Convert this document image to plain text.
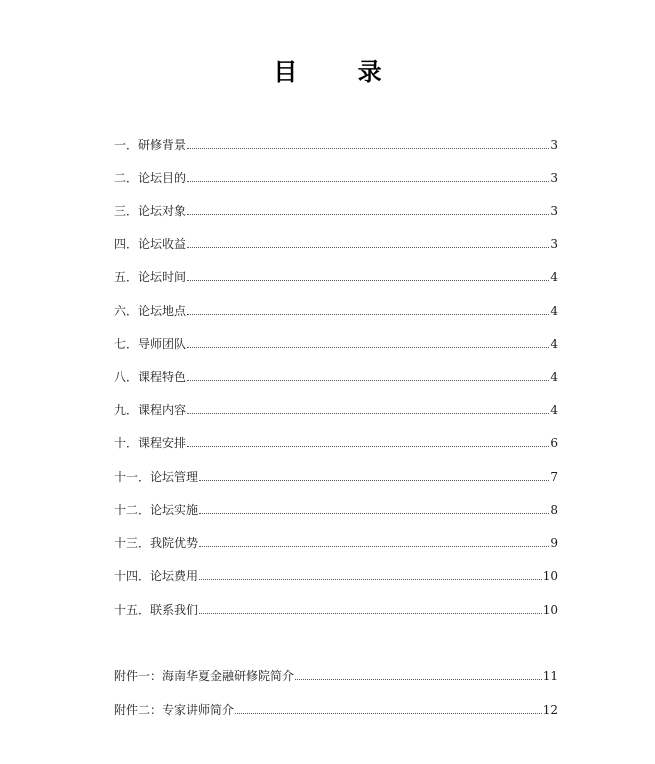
目 录
一．研修背景	3
二．论坛目的	3
三．论坛对象	3
四．论坛收益	3
五．论坛时间	4
六．论坛地点	4
七．导师团队	4
八．课程特色	4
九．课程内容	4
十．课程安排	6
十一．论坛管理	7
十二．论坛实施	8
十三．我院优势	9
十四．论坛费用	10
十五．联系我们	10
附件一：海南华夏金融研修院简介	11
附件二：专家讲师简介	12
